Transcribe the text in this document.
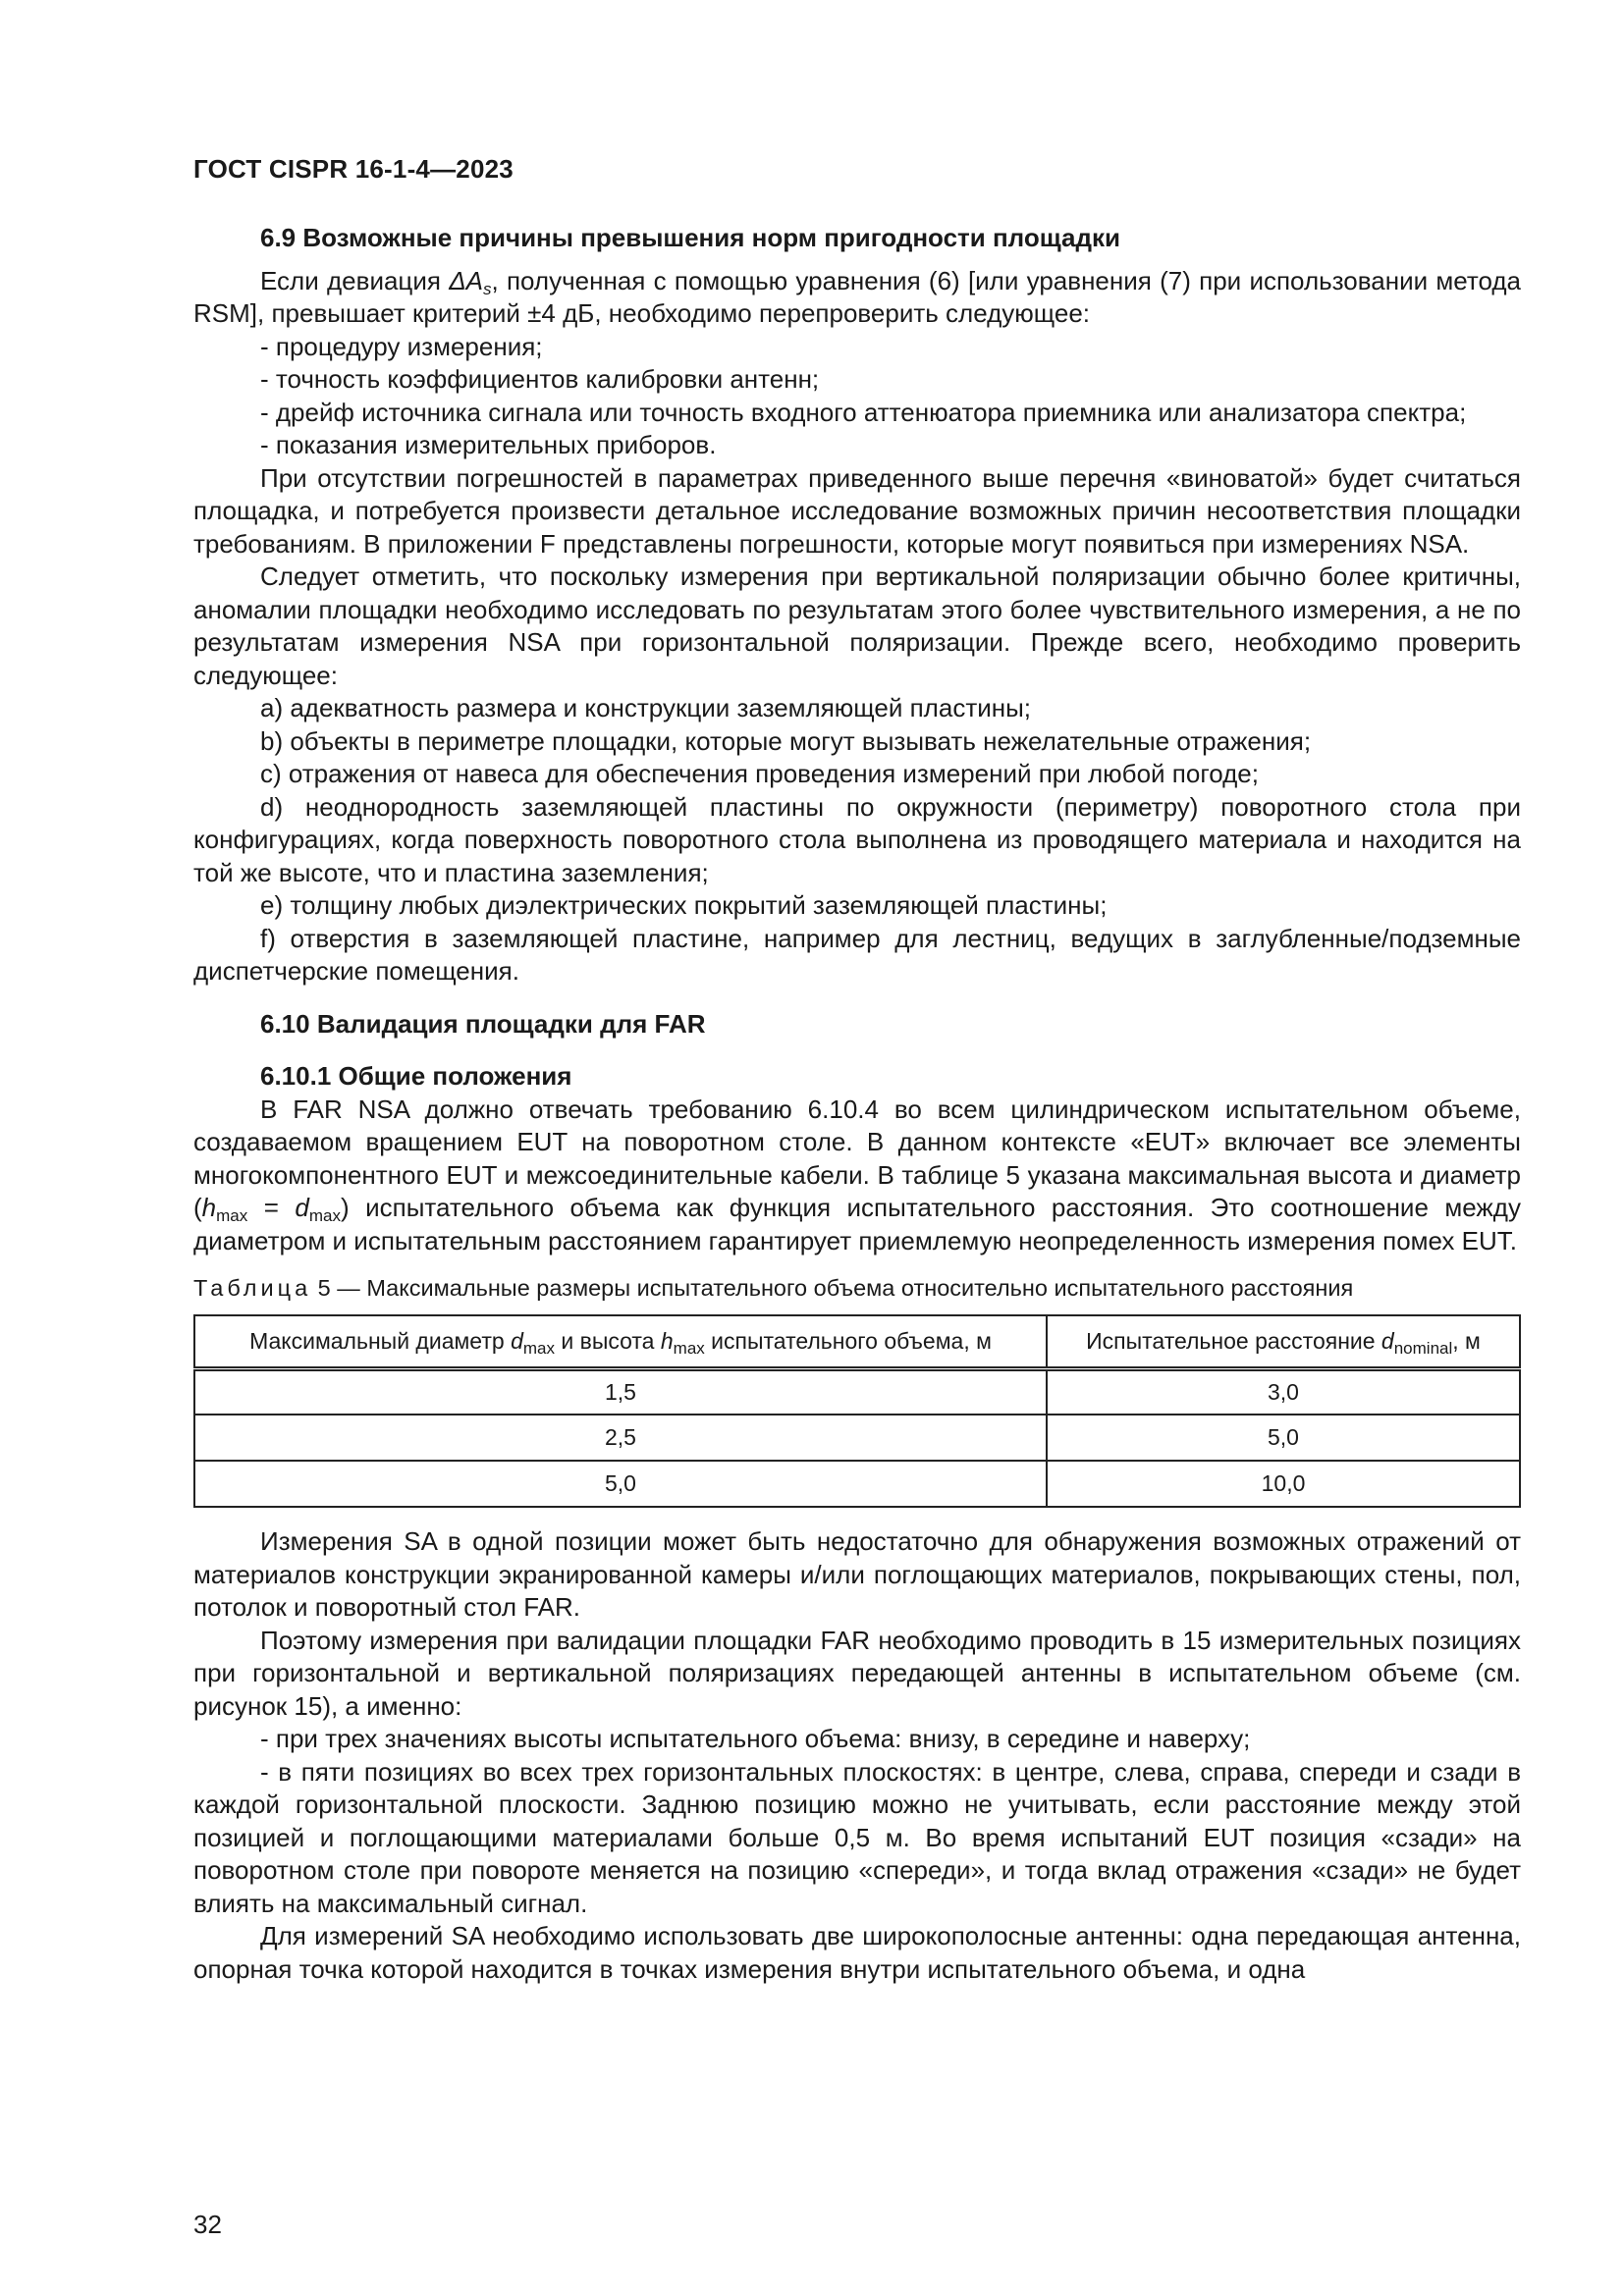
ГОСТ CISPR 16-1-4—2023
6.9 Возможные причины превышения норм пригодности площадки
Если девиация $\Delta A_s$, полученная с помощью уравнения (6) [или уравнения (7) при использовании метода RSM], превышает критерий ±4 дБ, необходимо перепроверить следующее:
- процедуру измерения;
- точность коэффициентов калибровки антенн;
- дрейф источника сигнала или точность входного аттенюатора приемника или анализатора спектра;
- показания измерительных приборов.
При отсутствии погрешностей в параметрах приведенного выше перечня «виноватой» будет считаться площадка, и потребуется произвести детальное исследование возможных причин несоответствия площадки требованиям. В приложении F представлены погрешности, которые могут появиться при измерениях NSA.
Следует отметить, что поскольку измерения при вертикальной поляризации обычно более критичны, аномалии площадки необходимо исследовать по результатам этого более чувствительного измерения, а не по результатам измерения NSA при горизонтальной поляризации. Прежде всего, необходимо проверить следующее:
a) адекватность размера и конструкции заземляющей пластины;
b) объекты в периметре площадки, которые могут вызывать нежелательные отражения;
c) отражения от навеса для обеспечения проведения измерений при любой погоде;
d) неоднородность заземляющей пластины по окружности (периметру) поворотного стола при конфигурациях, когда поверхность поворотного стола выполнена из проводящего материала и находится на той же высоте, что и пластина заземления;
e) толщину любых диэлектрических покрытий заземляющей пластины;
f) отверстия в заземляющей пластине, например для лестниц, ведущих в заглубленные/подземные диспетчерские помещения.
6.10 Валидация площадки для FAR
6.10.1 Общие положения
В FAR NSA должно отвечать требованию 6.10.4 во всем цилиндрическом испытательном объеме, создаваемом вращением EUT на поворотном столе. В данном контексте «EUT» включает все элементы многокомпонентного EUT и межсоединительные кабели. В таблице 5 указана максимальная высота и диаметр $(h_{max} = d_{max})$ испытательного объема как функция испытательного расстояния. Это соотношение между диаметром и испытательным расстоянием гарантирует приемлемую неопределенность измерения помех EUT.
Таблица 5 — Максимальные размеры испытательного объема относительно испытательного расстояния
Максимальный диаметр $d_{max}$ и высота $h_{max}$ испытательного объема, м	Испытательное расстояние $d_{nominal}$, м
1,5	3,0
2,5	5,0
5,0	10,0
Измерения SA в одной позиции может быть недостаточно для обнаружения возможных отражений от материалов конструкции экранированной камеры и/или поглощающих материалов, покрывающих стены, пол, потолок и поворотный стол FAR.
Поэтому измерения при валидации площадки FAR необходимо проводить в 15 измерительных позициях при горизонтальной и вертикальной поляризациях передающей антенны в испытательном объеме (см. рисунок 15), а именно:
- при трех значениях высоты испытательного объема: внизу, в середине и наверху;
- в пяти позициях во всех трех горизонтальных плоскостях: в центре, слева, справа, спереди и сзади в каждой горизонтальной плоскости. Заднюю позицию можно не учитывать, если расстояние между этой позицией и поглощающими материалами больше 0,5 м. Во время испытаний EUT позиция «сзади» на поворотном столе при повороте меняется на позицию «спереди», и тогда вклад отражения «сзади» не будет влиять на максимальный сигнал.
Для измерений SA необходимо использовать две широкополосные антенны: одна передающая антенна, опорная точка которой находится в точках измерения внутри испытательного объема, и одна
32
